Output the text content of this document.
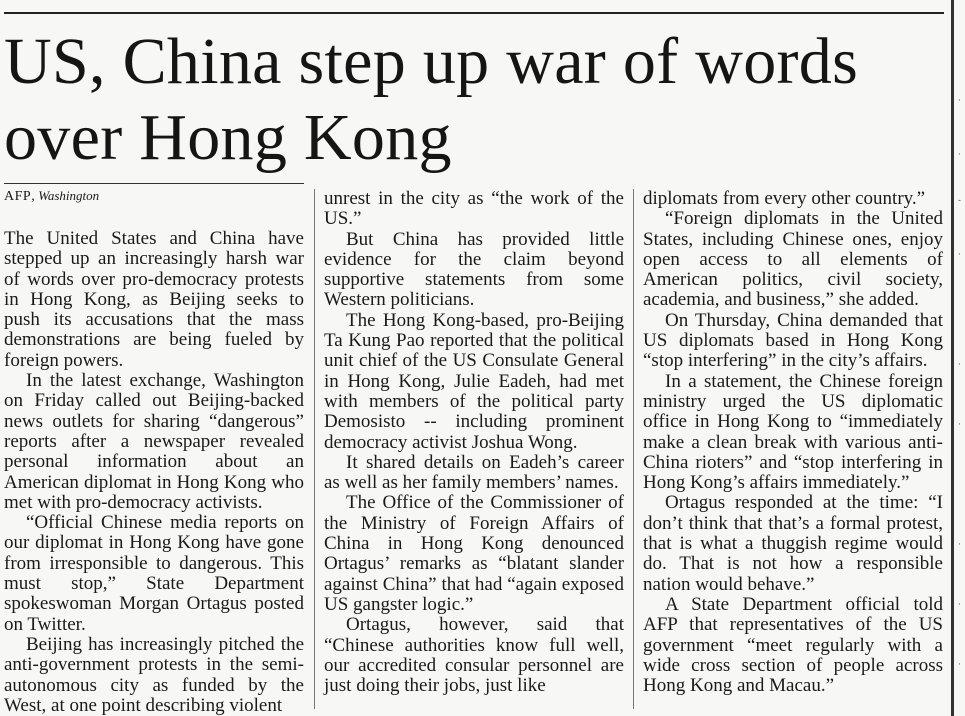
·
·
-
·
·
·
·
·
·
US, China step up war of words over Hong Kong
AFP, Washington

The United States and China have stepped up an increasingly harsh war of words over pro-democracy protests in Hong Kong, as Beijing seeks to push its accusations that the mass demonstrations are being fueled by foreign powers.

In the latest exchange, Washington on Friday called out Beijing-backed news outlets for sharing “dangerous” reports after a newspaper revealed personal information about an American diplomat in Hong Kong who met with pro-democracy activists.

“Official Chinese media reports on our diplomat in Hong Kong have gone from irresponsible to dangerous. This must stop,” State Department spokeswoman Morgan Ortagus posted on Twitter.

Beijing has increasingly pitched the anti-government protests in the semi-autonomous city as funded by the West, at one point describing violent

unrest in the city as “the work of the US.”

But China has provided little evidence for the claim beyond supportive statements from some Western politicians.

The Hong Kong-based, pro-Beijing Ta Kung Pao reported that the political unit chief of the US Consulate General in Hong Kong, Julie Eadeh, had met with members of the political party Demosisto -- including prominent democracy activist Joshua Wong.

It shared details on Eadeh’s career as well as her family members’ names.

The Office of the Commissioner of the Ministry of Foreign Affairs of China in Hong Kong denounced Ortagus’ remarks as “blatant slander against China” that had “again exposed US gangster logic.”

Ortagus, however, said that “Chinese authorities know full well, our accredited consular personnel are just doing their jobs, just like

diplomats from every other country.”

“Foreign diplomats in the United States, including Chinese ones, enjoy open access to all elements of American politics, civil society, academia, and business,” she added.

On Thursday, China demanded that US diplomats based in Hong Kong “stop interfering” in the city’s affairs.

In a statement, the Chinese foreign ministry urged the US diplomatic office in Hong Kong to “immediately make a clean break with various anti-China rioters” and “stop interfering in Hong Kong’s affairs immediately.”

Ortagus responded at the time: “I don’t think that that’s a formal protest, that is what a thuggish regime would do. That is not how a responsible nation would behave.”

A State Department official told AFP that representatives of the US government “meet regularly with a wide cross section of people across Hong Kong and Macau.”
